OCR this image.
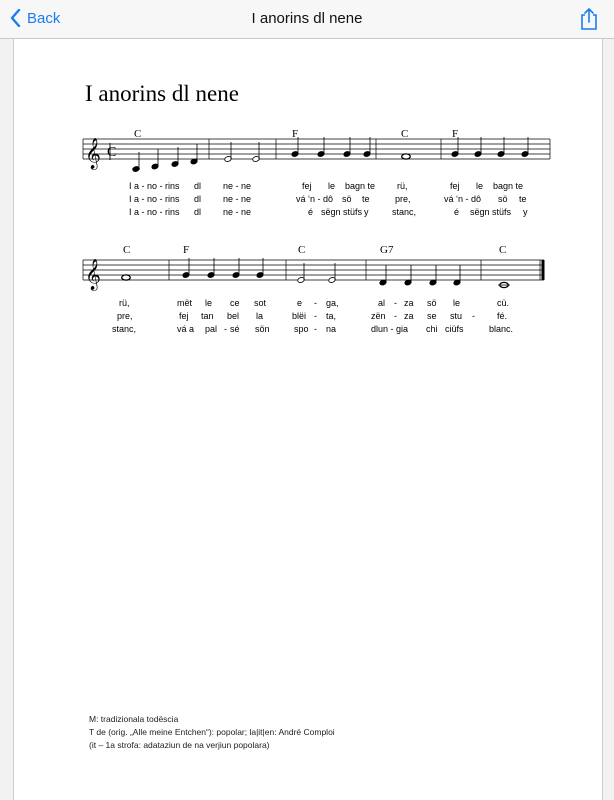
Back	I anorins dl nene
I anorins dl nene
𝄞 C
C	F	C	F
I a - no - rins dl ne - ne	fej le bagn te rü,	fej le bagn te
I a - no - rins dl ne - ne	vá ‘n - dô sö te	pre,	vá ‘n - dô sö te
I a - no - rins dl ne - ne	é sëgn stüfs y	stanc,	é sëgn stüfs y
𝄞
C	F	C	G7	C
rü,	mët le ce sot	e - ga,	al - za sö le	cü.
pre,	fej tan bel la	blëi - ta,	zën - za se stu - fé.
stanc,	vá a pal - sé sön	spo - na	dlun - gia chi ciüfs	blanc.
M: tradizionala todëscia
T de (orig. „Alle meine Entchen“): popolar; la|it|en: André Comploi
(it – 1a strofa: adataziun de na verjiun popolara)
